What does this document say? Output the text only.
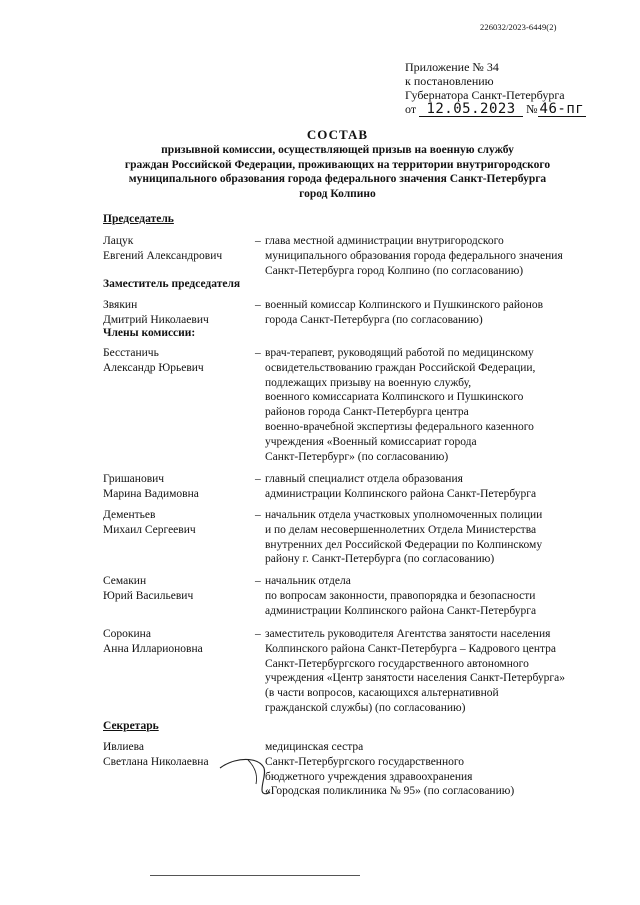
226032/2023-6449(2)
Приложение № 34
к постановлению
Губернатора Санкт-Петербурга
от 12.05.2023 № 46-пг
СОСТАВ
призывной комиссии, осуществляющей призыв на военную службу
граждан Российской Федерации, проживающих на территории внутригородского
муниципального образования города федерального значения Санкт-Петербурга
город Колпино
Председатель
Лацук
Евгений Александрович
– глава местной администрации внутригородского
муниципального образования города федерального значения
Санкт-Петербурга город Колпино (по согласованию)
Заместитель председателя
Звякин
Дмитрий Николаевич
– военный комиссар Колпинского и Пушкинского районов
города Санкт-Петербурга (по согласованию)
Члены комиссии:
Бесстаничь
Александр Юрьевич
– врач-терапевт, руководящий работой по медицинскому
освидетельствованию граждан Российской Федерации,
подлежащих призыву на военную службу,
военного комиссариата Колпинского и Пушкинского
районов города Санкт-Петербурга центра
военно-врачебной экспертизы федерального казенного
учреждения «Военный комиссариат города
Санкт-Петербург» (по согласованию)
Гришанович
Марина Вадимовна
– главный специалист отдела образования
администрации Колпинского района Санкт-Петербурга
Дементьев
Михаил Сергеевич
– начальник отдела участковых уполномоченных полиции
и по делам несовершеннолетних Отдела Министерства
внутренних дел Российской Федерации по Колпинскому
району г. Санкт-Петербурга (по согласованию)
Семакин
Юрий Васильевич
– начальник отдела
по вопросам законности, правопорядка и безопасности
администрации Колпинского района Санкт-Петербурга
Сорокина
Анна Илларионовна
– заместитель руководителя Агентства занятости населения
Колпинского района Санкт-Петербурга – Кадрового центра
Санкт-Петербургского государственного автономного
учреждения «Центр занятости населения Санкт-Петербурга»
(в части вопросов, касающихся альтернативной
гражданской службы) (по согласованию)
Секретарь
Ивлиева
Светлана Николаевна
медицинская сестра
Санкт-Петербургского государственного
бюджетного учреждения здравоохранения
«Городская поликлиника № 95» (по согласованию)
